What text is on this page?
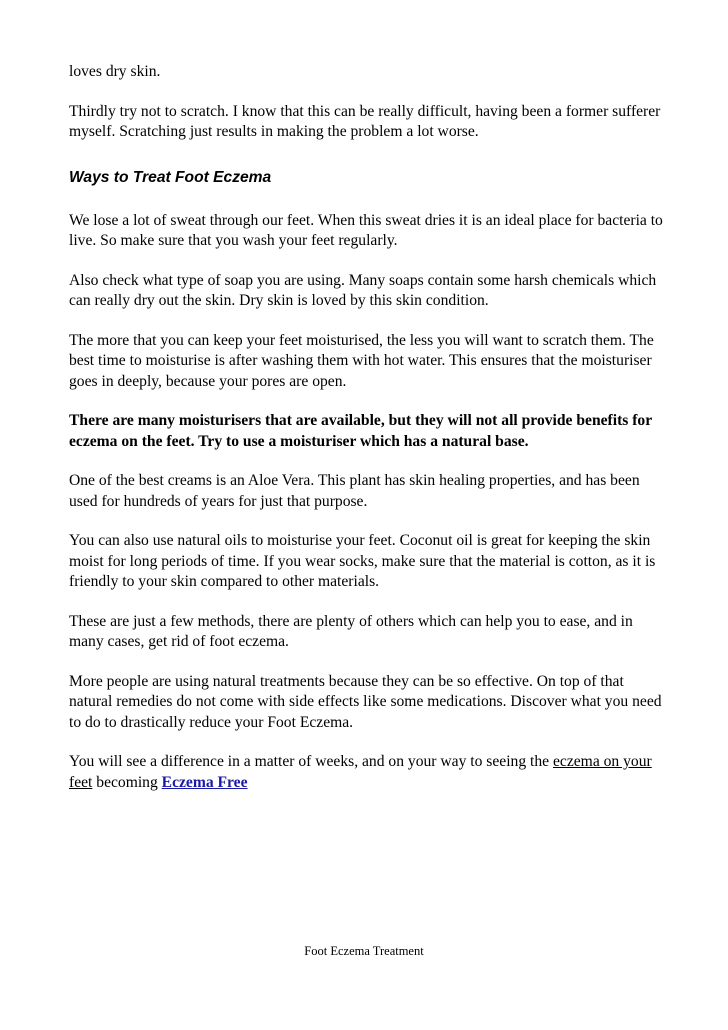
loves dry skin.

Thirdly try not to scratch. I know that this can be really difficult, having been a former sufferer myself. Scratching just results in making the problem a lot worse.

Ways to Treat Foot Eczema

We lose a lot of sweat through our feet. When this sweat dries it is an ideal place for bacteria to live. So make sure that you wash your feet regularly.

Also check what type of soap you are using. Many soaps contain some harsh chemicals which can really dry out the skin. Dry skin is loved by this skin condition.

The more that you can keep your feet moisturised, the less you will want to scratch them. The best time to moisturise is after washing them with hot water. This ensures that the moisturiser goes in deeply, because your pores are open.

There are many moisturisers that are available, but they will not all provide benefits for eczema on the feet. Try to use a moisturiser which has a natural base.

One of the best creams is an Aloe Vera. This plant has skin healing properties, and has been used for hundreds of years for just that purpose.

You can also use natural oils to moisturise your feet. Coconut oil is great for keeping the skin moist for long periods of time. If you wear socks, make sure that the material is cotton, as it is friendly to your skin compared to other materials.

These are just a few methods, there are plenty of others which can help you to ease, and in many cases, get rid of foot eczema.

More people are using natural treatments because they can be so effective. On top of that natural remedies do not come with side effects like some medications. Discover what you need to do to drastically reduce your Foot Eczema.

You will see a difference in a matter of weeks, and on your way to seeing the eczema on your feet becoming Eczema Free

Foot Eczema Treatment
